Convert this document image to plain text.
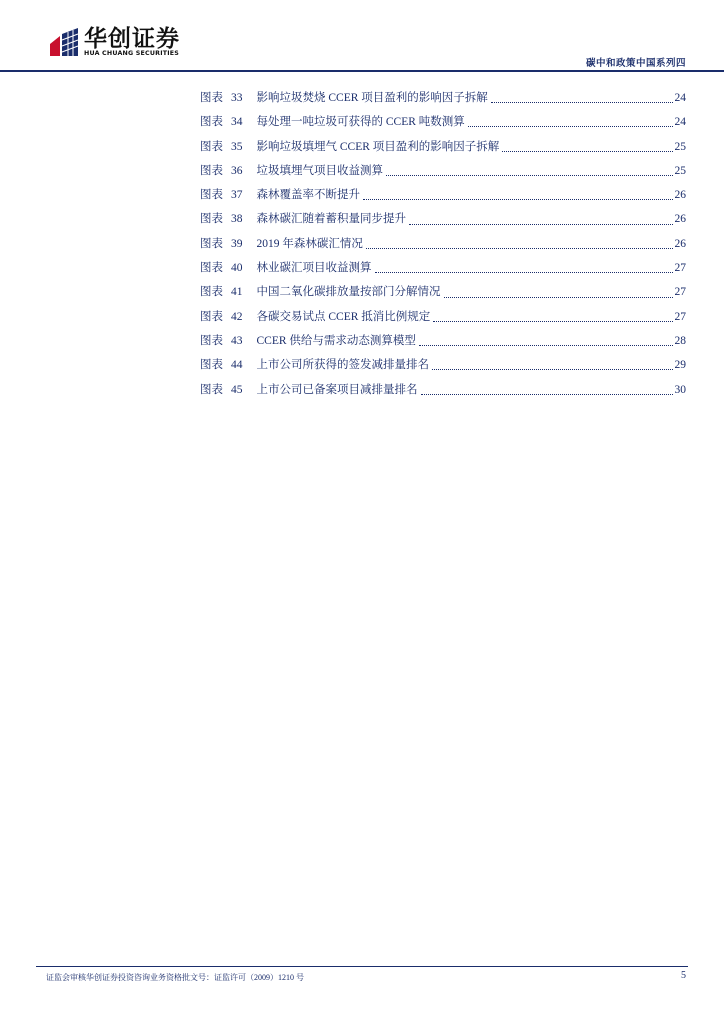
华创证券
HUA CHUANG SECURITIES
碳中和政策中国系列四
图表 33 影响垃圾焚烧 CCER 项目盈利的影响因子拆解	24
图表 34 每处理一吨垃圾可获得的 CCER 吨数测算	24
图表 35 影响垃圾填埋气 CCER 项目盈利的影响因子拆解	25
图表 36 垃圾填埋气项目收益测算	25
图表 37 森林覆盖率不断提升	26
图表 38 森林碳汇随着蓄积量同步提升	26
图表 39 2019 年森林碳汇情况	26
图表 40 林业碳汇项目收益测算	27
图表 41 中国二氧化碳排放量按部门分解情况	27
图表 42 各碳交易试点 CCER 抵消比例规定	27
图表 43 CCER 供给与需求动态测算模型	28
图表 44 上市公司所获得的签发减排量排名	29
图表 45 上市公司已备案项目减排量排名	30
证监会审核华创证券投资咨询业务资格批文号：证监许可（2009）1210 号	5
